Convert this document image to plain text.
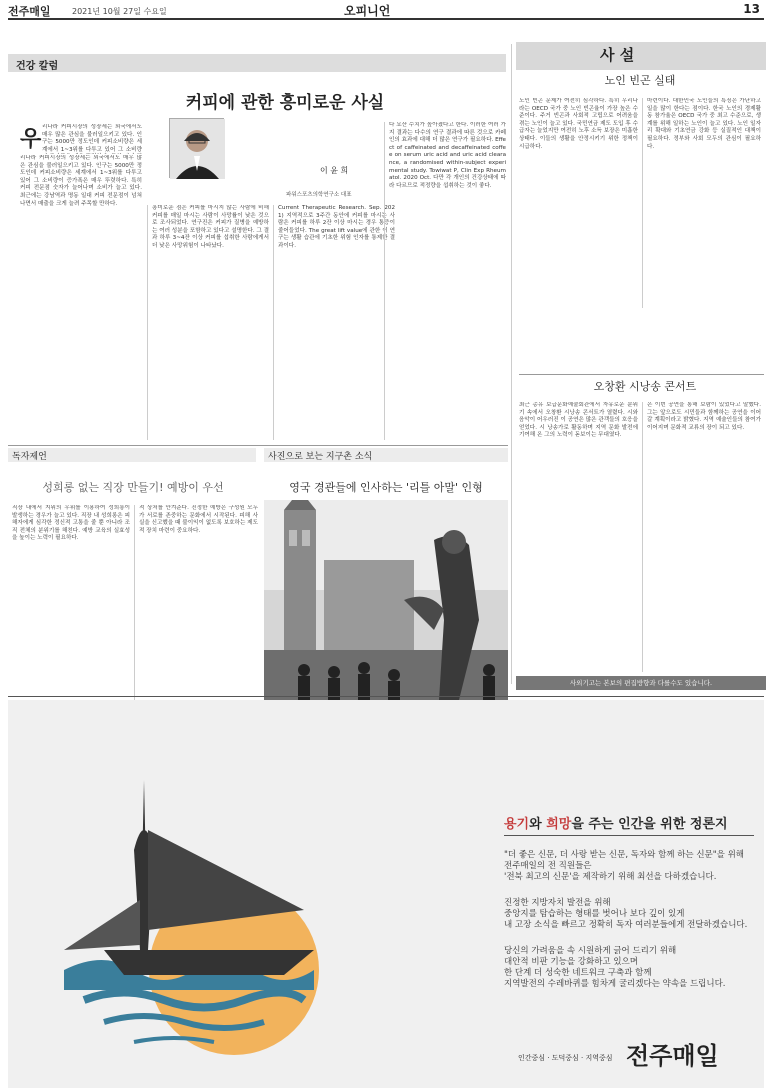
전주매일	2021년 10월 27일 수요일	오피니언	13
건강 칼럼
커피에 관한 흥미로운 사실
이 윤 희
파워스포츠의학연구소 대표
우 리나라 커피시장의 성장세는 외국에서도 매우 많은 관심을 불러일으키고 있다. 인구는 5000만 정도인데 커피소비량은 세계에서 1~3위를 다투고 있어 그 소비량
리나라 커피시장의 성장세는 외국에서도 매우 많은 관심을 불러일으키고 있다. 인구는 5000만 정도인데 커피소비량은 세계에서 1~3위를 다투고 있어 그 소비량이 증가폭은 매우 뚜렷하다. 특히 커피 전문점 숫자가 늘어나며 소비가 늘고 있다. 최근에는 강남역과 명동 일대 커피 전문점이 넘쳐나면서 매출을 크게 늘려 주목할 만하다.
흥미로운 점은 커피를 마시지 않는 사람에 비해 커피를 매일 마시는 사람이 사망률이 낮은 것으로 조사되었다. 연구진은 커피가 질병을 예방하는 여러 성분을 포함하고 있다고 설명한다. 그 결과 하루 3~4잔 이상 커피를 섭취한 사람에게서 더 낮은 사망위험이 나타났다.
Current Therapeutic Research. Sep. 2021) 지역적으로 3주간 동안에 커피를 마시는 사람은 커피를 하루 2잔 이상 마시는 경우 통증이 줄어들었다. The great lift value에 관한 이 연구는 생활 습관에 기초한 위험 인자를 통제한 결과이다.
다 요산 수치가 높아졌다고 한다. 이러한 여러 가지 결과는 다수의 연구 결과에 따른 것으로 카페인의 효과에 대해 더 많은 연구가 필요하다. Effect of caffeinated and decaffeinated coffee on serum uric acid and uric acid clearance, a randomised within-subject experimental study. Towiwat P, Clin Exp Rheumatol. 2020 Oct. 다만 각 개인의 건강상태에 따라 다르므로 적정량을 섭취하는 것이 좋다.
사 설
노인 빈곤 실태
노인 빈곤 문제가 여전히 심각하다. 특히 우리나라는 OECD 국가 중 노인 빈곤율이 가장 높은 수준이다. 주거 빈곤과 사회적 고립으로 어려움을 겪는 노인이 늘고 있다. 국민연금 제도 도입 후 수급자는 늘었지만 여전히 노후 소득 보장은 미흡한 상태다. 이들의 생활을 안정시키기 위한 정책이 시급하다.
마련이다. 대한민국 노인들의 특징은 가난하고 일을 많이 한다는 점이다. 한국 노인의 경제활동 참가율은 OECD 국가 중 최고 수준으로, 생계를 위해 일하는 노인이 늘고 있다. 노인 일자리 확대와 기초연금 강화 등 실질적인 대책이 필요하다. 정부와 사회 모두의 관심이 필요하다.
오창환 시낭송 콘서트
최근 총유 보급문화예술회관에서 자유로운 분위기 속에서 오창환 시낭송 콘서트가 열렸다. 시와 음악이 어우러진 이 공연은 많은 관객들의 호응을 얻었다. 시 낭송가로 활동하며 지역 문화 발전에 기여해 온 그의 노력이 돋보이는 무대였다.
은 이번 공연을 통해 보람이 있었다고 말했다. 그는 앞으로도 시민들과 함께하는 공연을 이어갈 계획이라고 밝혔다. 지역 예술인들의 참여가 이어지며 문화적 교류의 장이 되고 있다.
사외기고는 본보의 편집방향과 다를수도 있습니다.
독자제언
성희롱 없는 직장 만들기! 예방이 우선
직장 내에서 지위의 우위를 이용하여 성희롱이 발생하는 경우가 늘고 있다. 직장 내 성희롱은 피해자에게 심각한 정신적 고통을 줄 뿐 아니라 조직 전체의 분위기를 해친다. 예방 교육의 실효성을 높이는 노력이 필요하다.
적 상처를 안겨준다. 진정한 예방은 구성원 모두가 서로를 존중하는 문화에서 시작된다. 피해 사실을 신고했을 때 불이익이 없도록 보호하는 제도적 장치 마련이 중요하다.
사진으로 보는 지구촌 소식
영국 경관들에 인사하는 '리틀 아말' 인형
용기와 희망을 주는 인간을 위한 정론지
"더 좋은 신문, 더 사랑 받는 신문, 독자와 함께 하는 신문"을 위해
전주매일의 전 직원들은
'전북 최고의 신문'을 제작하기 위해 최선을 다하겠습니다.
진정한 지방자치 발전을 위해
중앙지를 탐습하는 형태를 벗어나 보다 깊이 있게
내 고장 소식을 빠르고 정확히 독자 여러분들에게 전달하겠습니다.
당신의 가려움을 속 시원하게 긁어 드리기 위해
대안적 비판 기능을 강화하고 있으며
한 단계 더 성숙한 네트워크 구축과 함께
지역발전의 수레바퀴를 힘차게 굴리겠다는 약속을 드립니다.
인간중심 · 도덕중심 · 지역중심 전주매일
